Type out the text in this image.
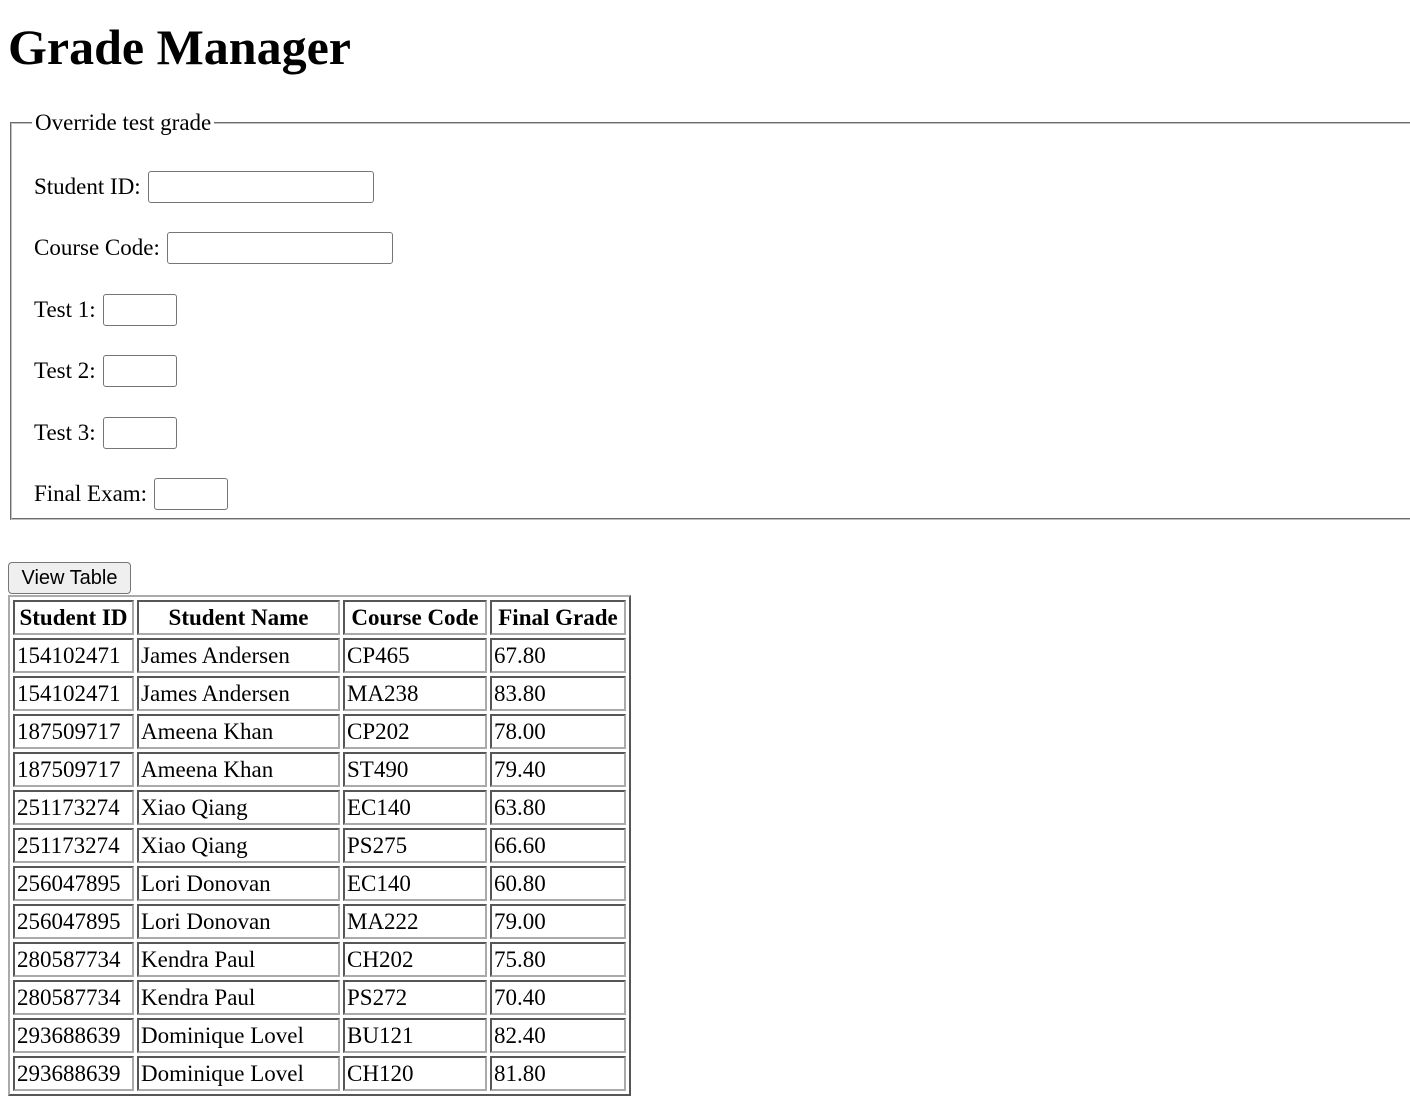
Grade Manager
Override test grade
Student ID:
Course Code:
Test 1:
Test 2:
Test 3:
Final Exam:
View Table
Student ID	Student Name	Course Code	Final Grade
154102471	James Andersen	CP465	67.80
154102471	James Andersen	MA238	83.80
187509717	Ameena Khan	CP202	78.00
187509717	Ameena Khan	ST490	79.40
251173274	Xiao Qiang	EC140	63.80
251173274	Xiao Qiang	PS275	66.60
256047895	Lori Donovan	EC140	60.80
256047895	Lori Donovan	MA222	79.00
280587734	Kendra Paul	CH202	75.80
280587734	Kendra Paul	PS272	70.40
293688639	Dominique Lovel	BU121	82.40
293688639	Dominique Lovel	CH120	81.80
